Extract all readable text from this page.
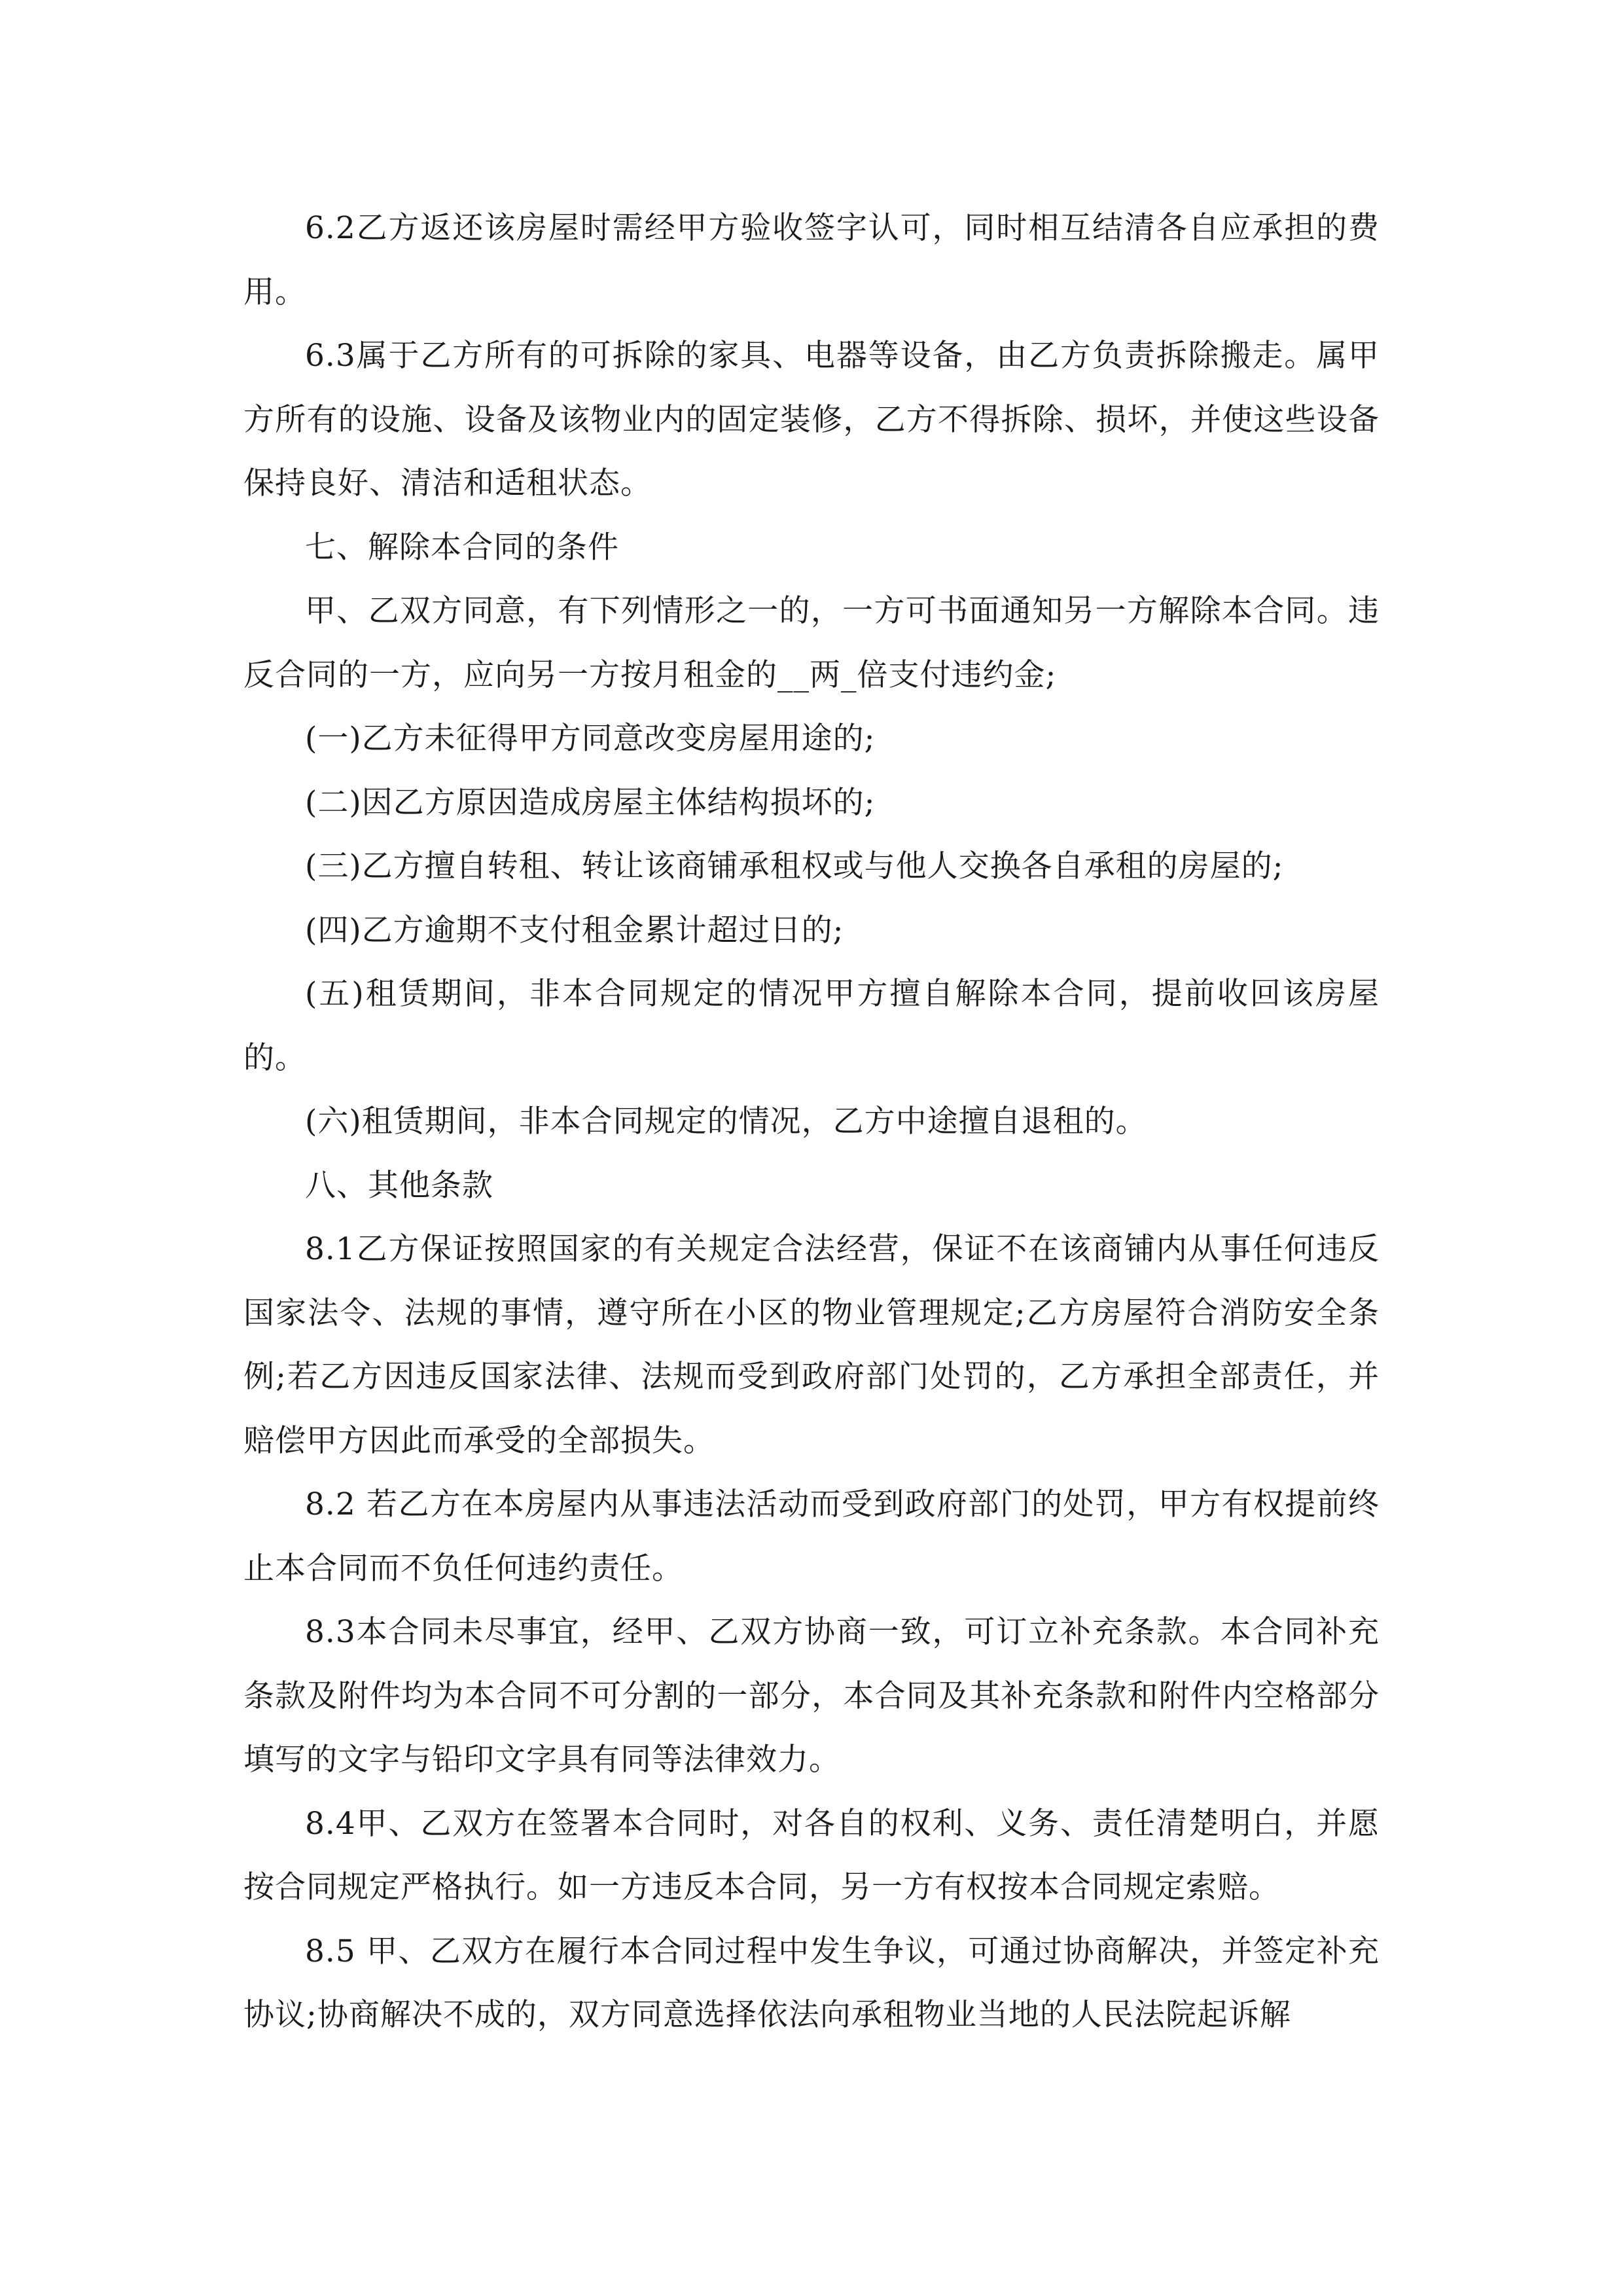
6.2乙方返还该房屋时需经甲方验收签字认可，同时相互结清各自应承担的费用。

6.3属于乙方所有的可拆除的家具、电器等设备，由乙方负责拆除搬走。属甲方所有的设施、设备及该物业内的固定装修，乙方不得拆除、损坏，并使这些设备保持良好、清洁和适租状态。

七、解除本合同的条件

甲、乙双方同意，有下列情形之一的，一方可书面通知另一方解除本合同。违反合同的一方，应向另一方按月租金的__两_倍支付违约金;

(一)乙方未征得甲方同意改变房屋用途的;

(二)因乙方原因造成房屋主体结构损坏的;

(三)乙方擅自转租、转让该商铺承租权或与他人交换各自承租的房屋的;

(四)乙方逾期不支付租金累计超过日的;

(五)租赁期间，非本合同规定的情况甲方擅自解除本合同，提前收回该房屋的。

(六)租赁期间，非本合同规定的情况，乙方中途擅自退租的。

八、其他条款

8.1乙方保证按照国家的有关规定合法经营，保证不在该商铺内从事任何违反国家法令、法规的事情，遵守所在小区的物业管理规定;乙方房屋符合消防安全条例;若乙方因违反国家法律、法规而受到政府部门处罚的，乙方承担全部责任，并赔偿甲方因此而承受的全部损失。

8.2 若乙方在本房屋内从事违法活动而受到政府部门的处罚，甲方有权提前终止本合同而不负任何违约责任。

8.3本合同未尽事宜，经甲、乙双方协商一致，可订立补充条款。本合同补充条款及附件均为本合同不可分割的一部分，本合同及其补充条款和附件内空格部分填写的文字与铅印文字具有同等法律效力。

8.4甲、乙双方在签署本合同时，对各自的权利、义务、责任清楚明白，并愿按合同规定严格执行。如一方违反本合同，另一方有权按本合同规定索赔。

8.5 甲、乙双方在履行本合同过程中发生争议，可通过协商解决，并签定补充协议;协商解决不成的，双方同意选择依法向承租物业当地的人民法院起诉解
